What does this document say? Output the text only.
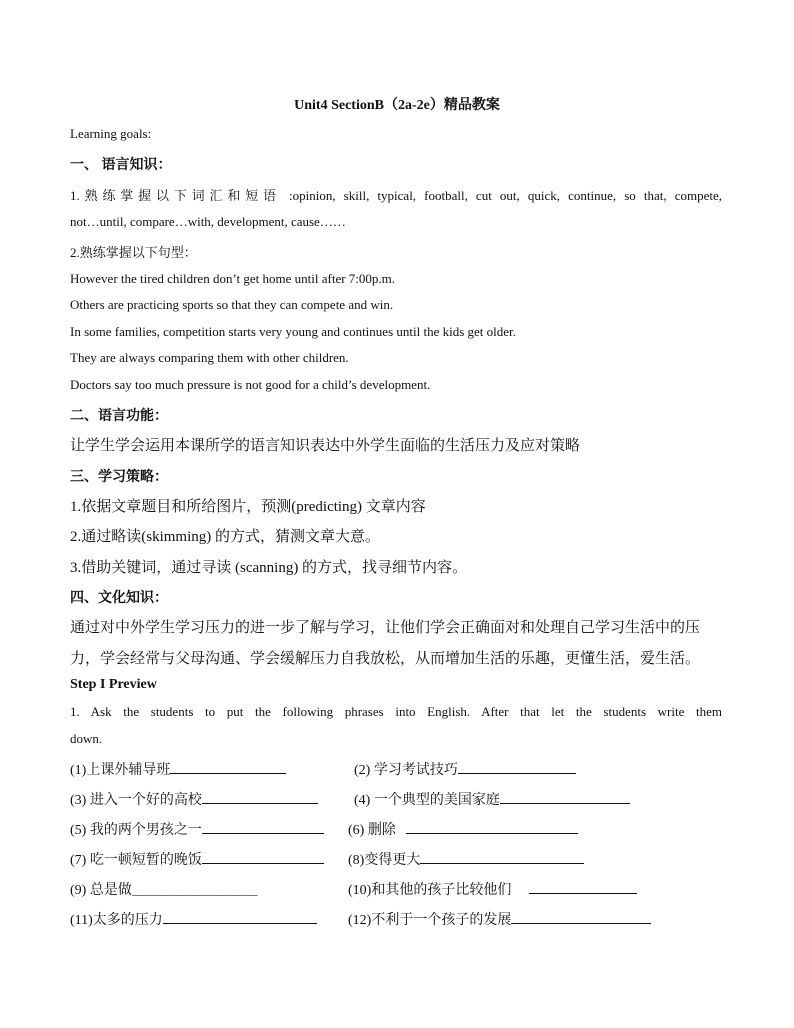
Unit4 SectionB（2a-2e）精品教案
Learning goals:
一、 语言知识：
1.熟练掌握以下词汇和短语 :opinion, skill, typical, football, cut out, quick, continue, so that, compete,
not…until, compare…with, development, cause……
2.熟练掌握以下句型：
However the tired children don’t get home until after 7:00p.m.
Others are practicing sports so that they can compete and win.
In some families, competition starts very young and continues until the kids get older.
They are always comparing them with other children.
Doctors say too much pressure is not good for a child’s development.
二、语言功能：
让学生学会运用本课所学的语言知识表达中外学生面临的生活压力及应对策略
三、学习策略：
1.依据文章题目和所给图片，预测(predicting) 文章内容
2.通过略读(skimming) 的方式，猜测文章大意。
3.借助关键词，通过寻读 (scanning) 的方式，找寻细节内容。
四、文化知识：
通过对中外学生学习压力的进一步了解与学习，让他们学会正确面对和处理自己学习生活中的压
力，学会经常与父母沟通、学会缓解压力自我放松，从而增加生活的乐趣，更懂生活，爱生活。
Step I Preview
1. Ask the students to put the following phrases into English. After that let the students write them
down.
(1)上课外辅导班	(2) 学习考试技巧
(3) 进入一个好的高校	(4) 一个典型的美国家庭
(5) 我的两个男孩之一	(6) 删除
(7) 吃一顿短暂的晚饭	(8)变得更大
(9) 总是做＿＿＿＿＿＿＿＿＿	(10)和其他的孩子比较他们
(11)太多的压力	(12)不利于一个孩子的发展
